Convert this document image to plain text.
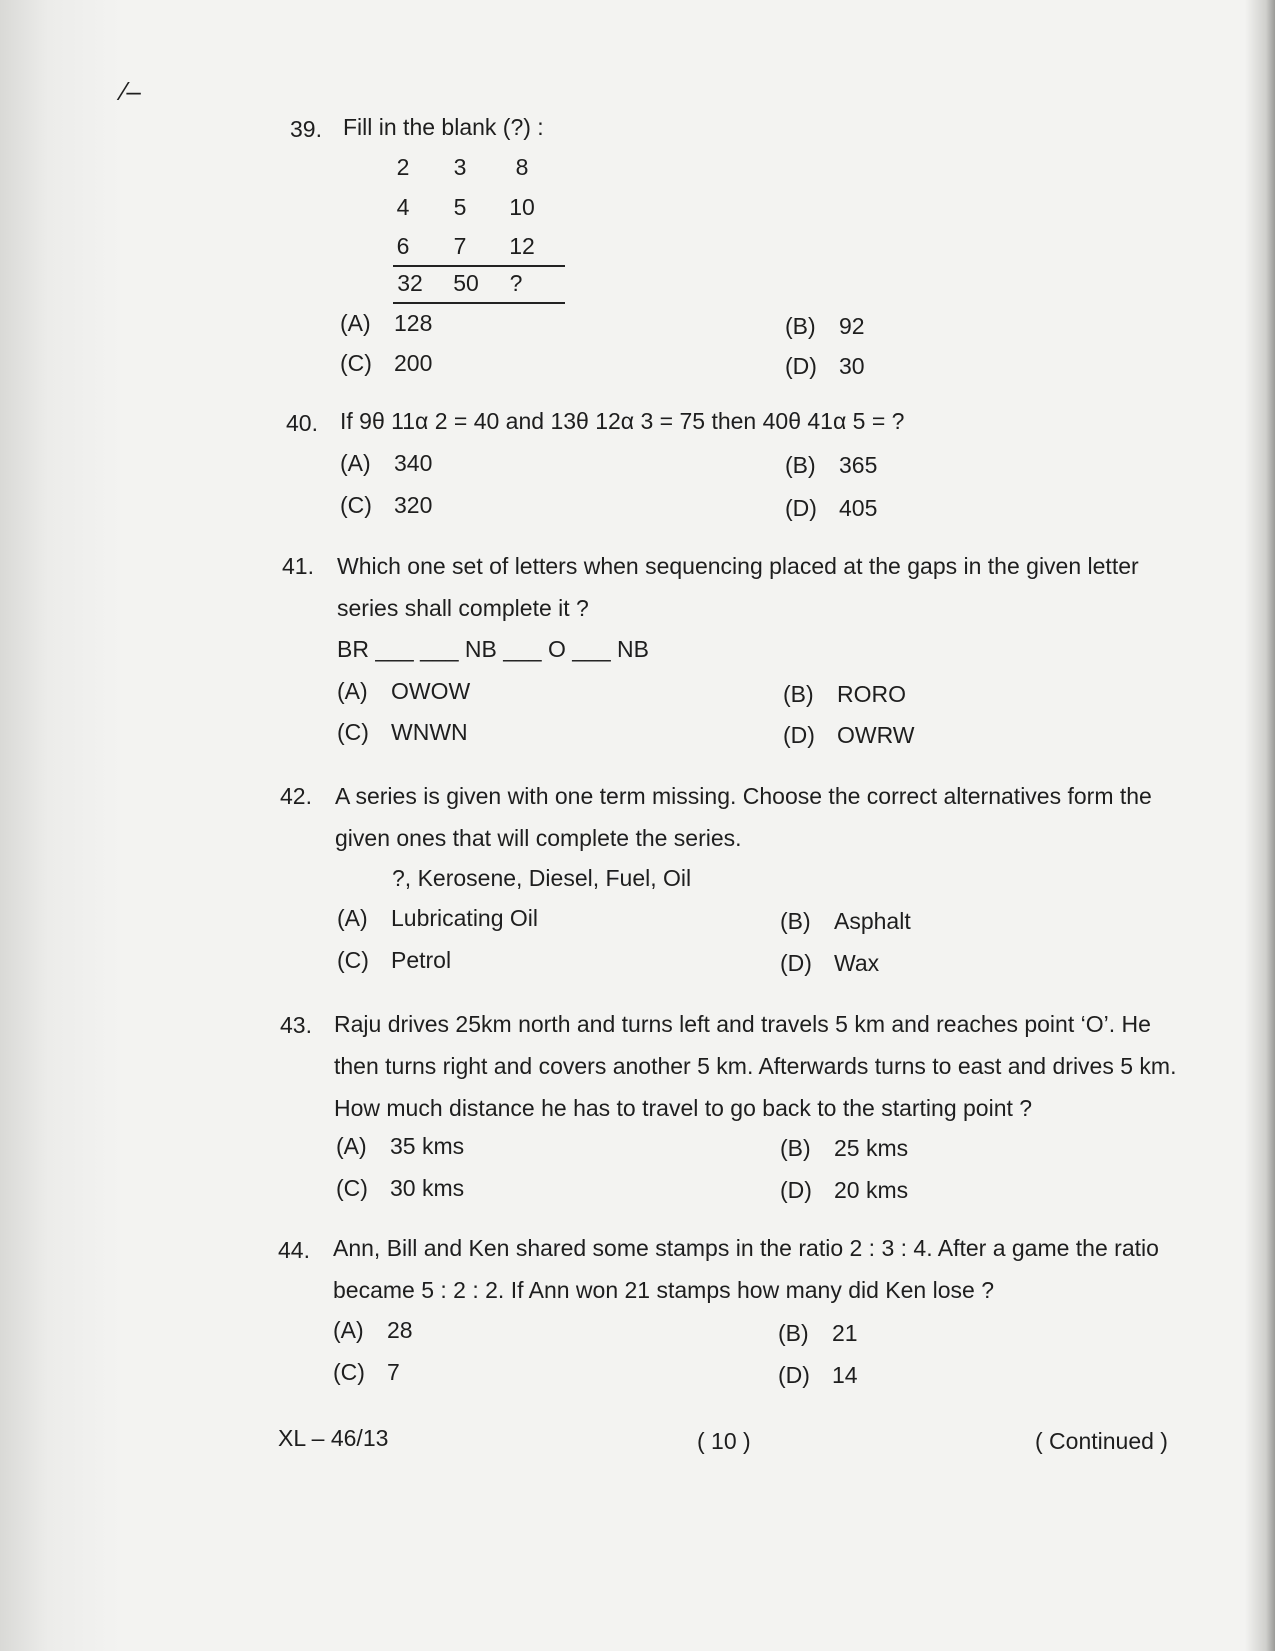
⁄–
39. Fill in the blank (?) :
2	3	8
4	5	10
6	7	12
32	50	?
(A) 128	(B) 92
(C) 200	(D) 30
40. If 9θ 11α 2 = 40 and 13θ 12α 3 = 75 then 40θ 41α 5 = ?
(A) 340	(B) 365
(C) 320	(D) 405
41. Which one set of letters when sequencing placed at the gaps in the given letter series shall complete it ?
BR ___ ___ NB ___ O ___ NB
(A) OWOW	(B) RORO
(C) WNWN	(D) OWRW
42. A series is given with one term missing. Choose the correct alternatives form the given ones that will complete the series.
?, Kerosene, Diesel, Fuel, Oil
(A) Lubricating Oil	(B) Asphalt
(C) Petrol	(D) Wax
43. Raju drives 25km north and turns left and travels 5 km and reaches point ‘O’. He then turns right and covers another 5 km. Afterwards turns to east and drives 5 km. How much distance he has to travel to go back to the starting point ?
(A) 35 kms	(B) 25 kms
(C) 30 kms	(D) 20 kms
44. Ann, Bill and Ken shared some stamps in the ratio 2 : 3 : 4. After a game the ratio became 5 : 2 : 2. If Ann won 21 stamps how many did Ken lose ?
(A) 28	(B) 21
(C) 7	(D) 14
XL – 46/13	( 10 )	( Continued )
